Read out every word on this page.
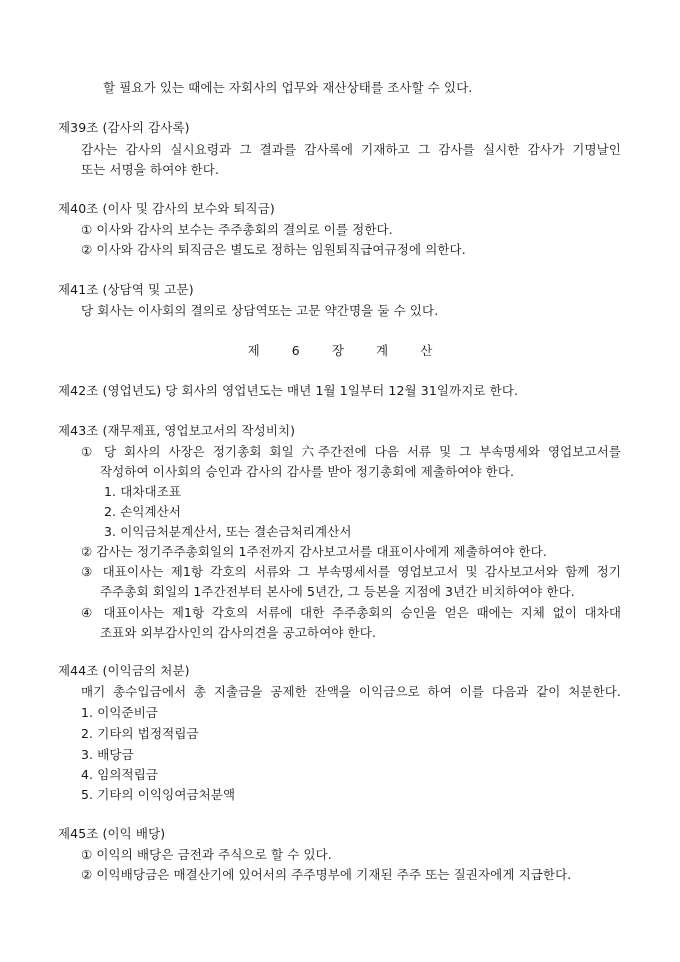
할 필요가 있는 때에는 자회사의 업무와 재산상태를 조사할 수 있다.
제39조 (감사의 감사록)
감사는 감사의 실시요령과 그 결과를 감사록에 기재하고 그 감사를 실시한 감사가 기명날인
또는 서명을 하여야 한다.
제40조 (이사 및 감사의 보수와 퇴직금)
① 이사와 감사의 보수는 주주총회의 결의로 이를 정한다.
② 이사와 감사의 퇴직금은 별도로 정하는 임원퇴직급여규정에 의한다.
제41조 (상담역 및 고문)
당 회사는 이사회의 결의로 상담역또는 고문 약간명을 둘 수 있다.
제	6	장	계	산
제42조 (영업년도) 당 회사의 영업년도는 매년 1월 1일부터 12월 31일까지로 한다.
제43조 (재무제표, 영업보고서의 작성비치)
① 당 회사의 사장은 정기총회 회일 六주간전에 다음 서류 및 그 부속명세와 영업보고서를
작성하여 이사회의 승인과 감사의 감사를 받아 정기총회에 제출하여야 한다.
1. 대차대조표
2. 손익계산서
3. 이익금처분계산서, 또는 결손금처리계산서
② 감사는 정기주주총회일의 1주전까지 감사보고서를 대표이사에게 제출하여야 한다.
③ 대표이사는 제1항 각호의 서류와 그 부속명세서를 영업보고서 및 감사보고서와 함께 정기
주주총회 회일의 1주간전부터 본사에 5년간, 그 등본을 지점에 3년간 비치하여야 한다.
④ 대표이사는 제1항 각호의 서류에 대한 주주총회의 승인을 얻은 때에는 지체 없이 대차대
조표와 외부감사인의 감사의견을 공고하여야 한다.
제44조 (이익금의 처분)
매기 총수입금에서 총 지출금을 공제한 잔액을 이익금으로 하여 이를 다음과 같이 처분한다.
1. 이익준비금
2. 기타의 법정적립금
3. 배당금
4. 임의적립금
5. 기타의 이익잉여금처분액
제45조 (이익 배당)
① 이익의 배당은 금전과 주식으로 할 수 있다.
② 이익배당금은 매결산기에 있어서의 주주명부에 기재된 주주 또는 질권자에게 지급한다.
